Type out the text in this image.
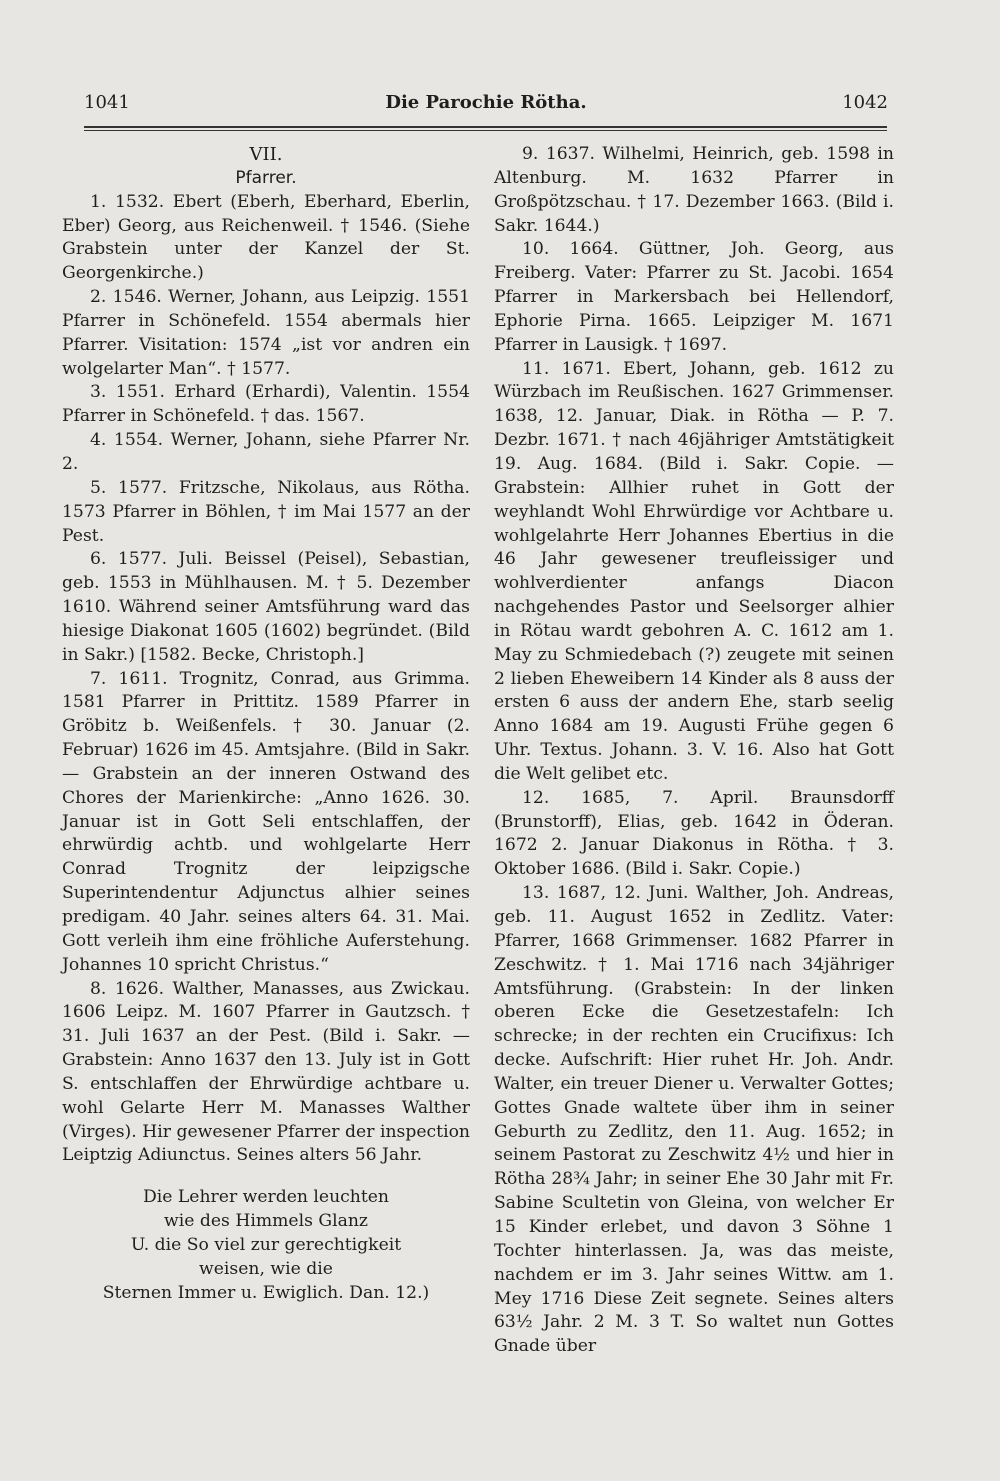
1041	Die Parochie Rötha.	1042

VII.

Pfarrer.

1. 1532. Ebert (Eberh, Eberhard, Eberlin, Eber) Georg, aus Reichenweil. † 1546. (Siehe Grabstein unter der Kanzel der St. Georgenkirche.)

2. 1546. Werner, Johann, aus Leipzig. 1551 Pfarrer in Schönefeld. 1554 abermals hier Pfarrer. Visitation: 1574 „ist vor andren ein wolgelarter Man“. † 1577.

3. 1551. Erhard (Erhardi), Valentin. 1554 Pfarrer in Schönefeld. † das. 1567.

4. 1554. Werner, Johann, siehe Pfarrer Nr. 2.

5. 1577. Fritzsche, Nikolaus, aus Rötha. 1573 Pfarrer in Böhlen, † im Mai 1577 an der Pest.

6. 1577. Juli. Beissel (Peisel), Sebastian, geb. 1553 in Mühlhausen. M. † 5. Dezember 1610. Während seiner Amtsführung ward das hiesige Diakonat 1605 (1602) begründet. (Bild in Sakr.) [1582. Becke, Christoph.]

7. 1611. Trognitz, Conrad, aus Grimma. 1581 Pfarrer in Prittitz. 1589 Pfarrer in Gröbitz b. Weißenfels. † 30. Januar (2. Februar) 1626 im 45. Amtsjahre. (Bild in Sakr.— Grabstein an der inneren Ostwand des Chores der Marienkirche: „Anno 1626. 30. Januar ist in Gott Seli entschlaffen, der ehrwürdig achtb. und wohlgelarte Herr Conrad Trognitz der leipzigsche Superintendentur Adjunctus alhier seines predigam. 40 Jahr. seines alters 64. 31. Mai. Gott verleih ihm eine fröhliche Auferstehung. Johannes 10 spricht Christus.“

8. 1626. Walther, Manasses, aus Zwickau. 1606 Leipz. M. 1607 Pfarrer in Gautzsch. † 31. Juli 1637 an der Pest. (Bild i. Sakr. — Grabstein: Anno 1637 den 13. July ist in Gott S. entschlaffen der Ehrwürdige achtbare u. wohl Gelarte Herr M. Manasses Walther (Virges). Hir gewesener Pfarrer der inspection Leiptzig Adiunctus. Seines alters 56 Jahr.

Die Lehrer werden leuchten
wie des Himmels Glanz
U. die So viel zur gerechtigkeit
weisen, wie die
Sternen Immer u. Ewiglich. Dan. 12.)

9. 1637. Wilhelmi, Heinrich, geb. 1598 in Altenburg. M. 1632 Pfarrer in Großpötzschau. † 17. Dezember 1663. (Bild i. Sakr. 1644.)

10. 1664. Güttner, Joh. Georg, aus Freiberg. Vater: Pfarrer zu St. Jacobi. 1654 Pfarrer in Markersbach bei Hellendorf, Ephorie Pirna. 1665. Leipziger M. 1671 Pfarrer in Lausigk. † 1697.

11. 1671. Ebert, Johann, geb. 1612 zu Würzbach im Reußischen. 1627 Grimmenser. 1638, 12. Januar, Diak. in Rötha — P. 7. Dezbr. 1671. † nach 46jähriger Amtstätigkeit 19. Aug. 1684. (Bild i. Sakr. Copie. — Grabstein: Allhier ruhet in Gott der weyhlandt Wohl Ehrwürdige vor Achtbare u. wohlgelahrte Herr Johannes Ebertius in die 46 Jahr gewesener treufleissiger und wohlverdienter anfangs Diacon nachgehendes Pastor und Seelsorger alhier in Rötau wardt gebohren A. C. 1612 am 1. May zu Schmiedebach (?) zeugete mit seinen 2 lieben Eheweibern 14 Kinder als 8 auss der ersten 6 auss der andern Ehe, starb seelig Anno 1684 am 19. Augusti Frühe gegen 6 Uhr. Textus. Johann. 3. V. 16. Also hat Gott die Welt gelibet etc.

12. 1685, 7. April. Braunsdorff (Brunstorff), Elias, geb. 1642 in Öderan. 1672 2. Januar Diakonus in Rötha. † 3. Oktober 1686. (Bild i. Sakr. Copie.)

13. 1687, 12. Juni. Walther, Joh. Andreas, geb. 11. August 1652 in Zedlitz. Vater: Pfarrer, 1668 Grimmenser. 1682 Pfarrer in Zeschwitz. † 1. Mai 1716 nach 34jähriger Amtsführung. (Grabstein: In der linken oberen Ecke die Gesetzestafeln: Ich schrecke; in der rechten ein Crucifixus: Ich decke. Aufschrift: Hier ruhet Hr. Joh. Andr. Walter, ein treuer Diener u. Verwalter Gottes; Gottes Gnade waltete über ihm in seiner Geburth zu Zedlitz, den 11. Aug. 1652; in seinem Pastorat zu Zeschwitz 4½ und hier in Rötha 28¾ Jahr; in seiner Ehe 30 Jahr mit Fr. Sabine Scultetin von Gleina, von welcher Er 15 Kinder erlebet, und davon 3 Söhne 1 Tochter hinterlassen. Ja, was das meiste, nachdem er im 3. Jahr seines Wittw. am 1. Mey 1716 Diese Zeit segnete. Seines alters 63½ Jahr. 2 M. 3 T. So waltet nun Gottes Gnade über
